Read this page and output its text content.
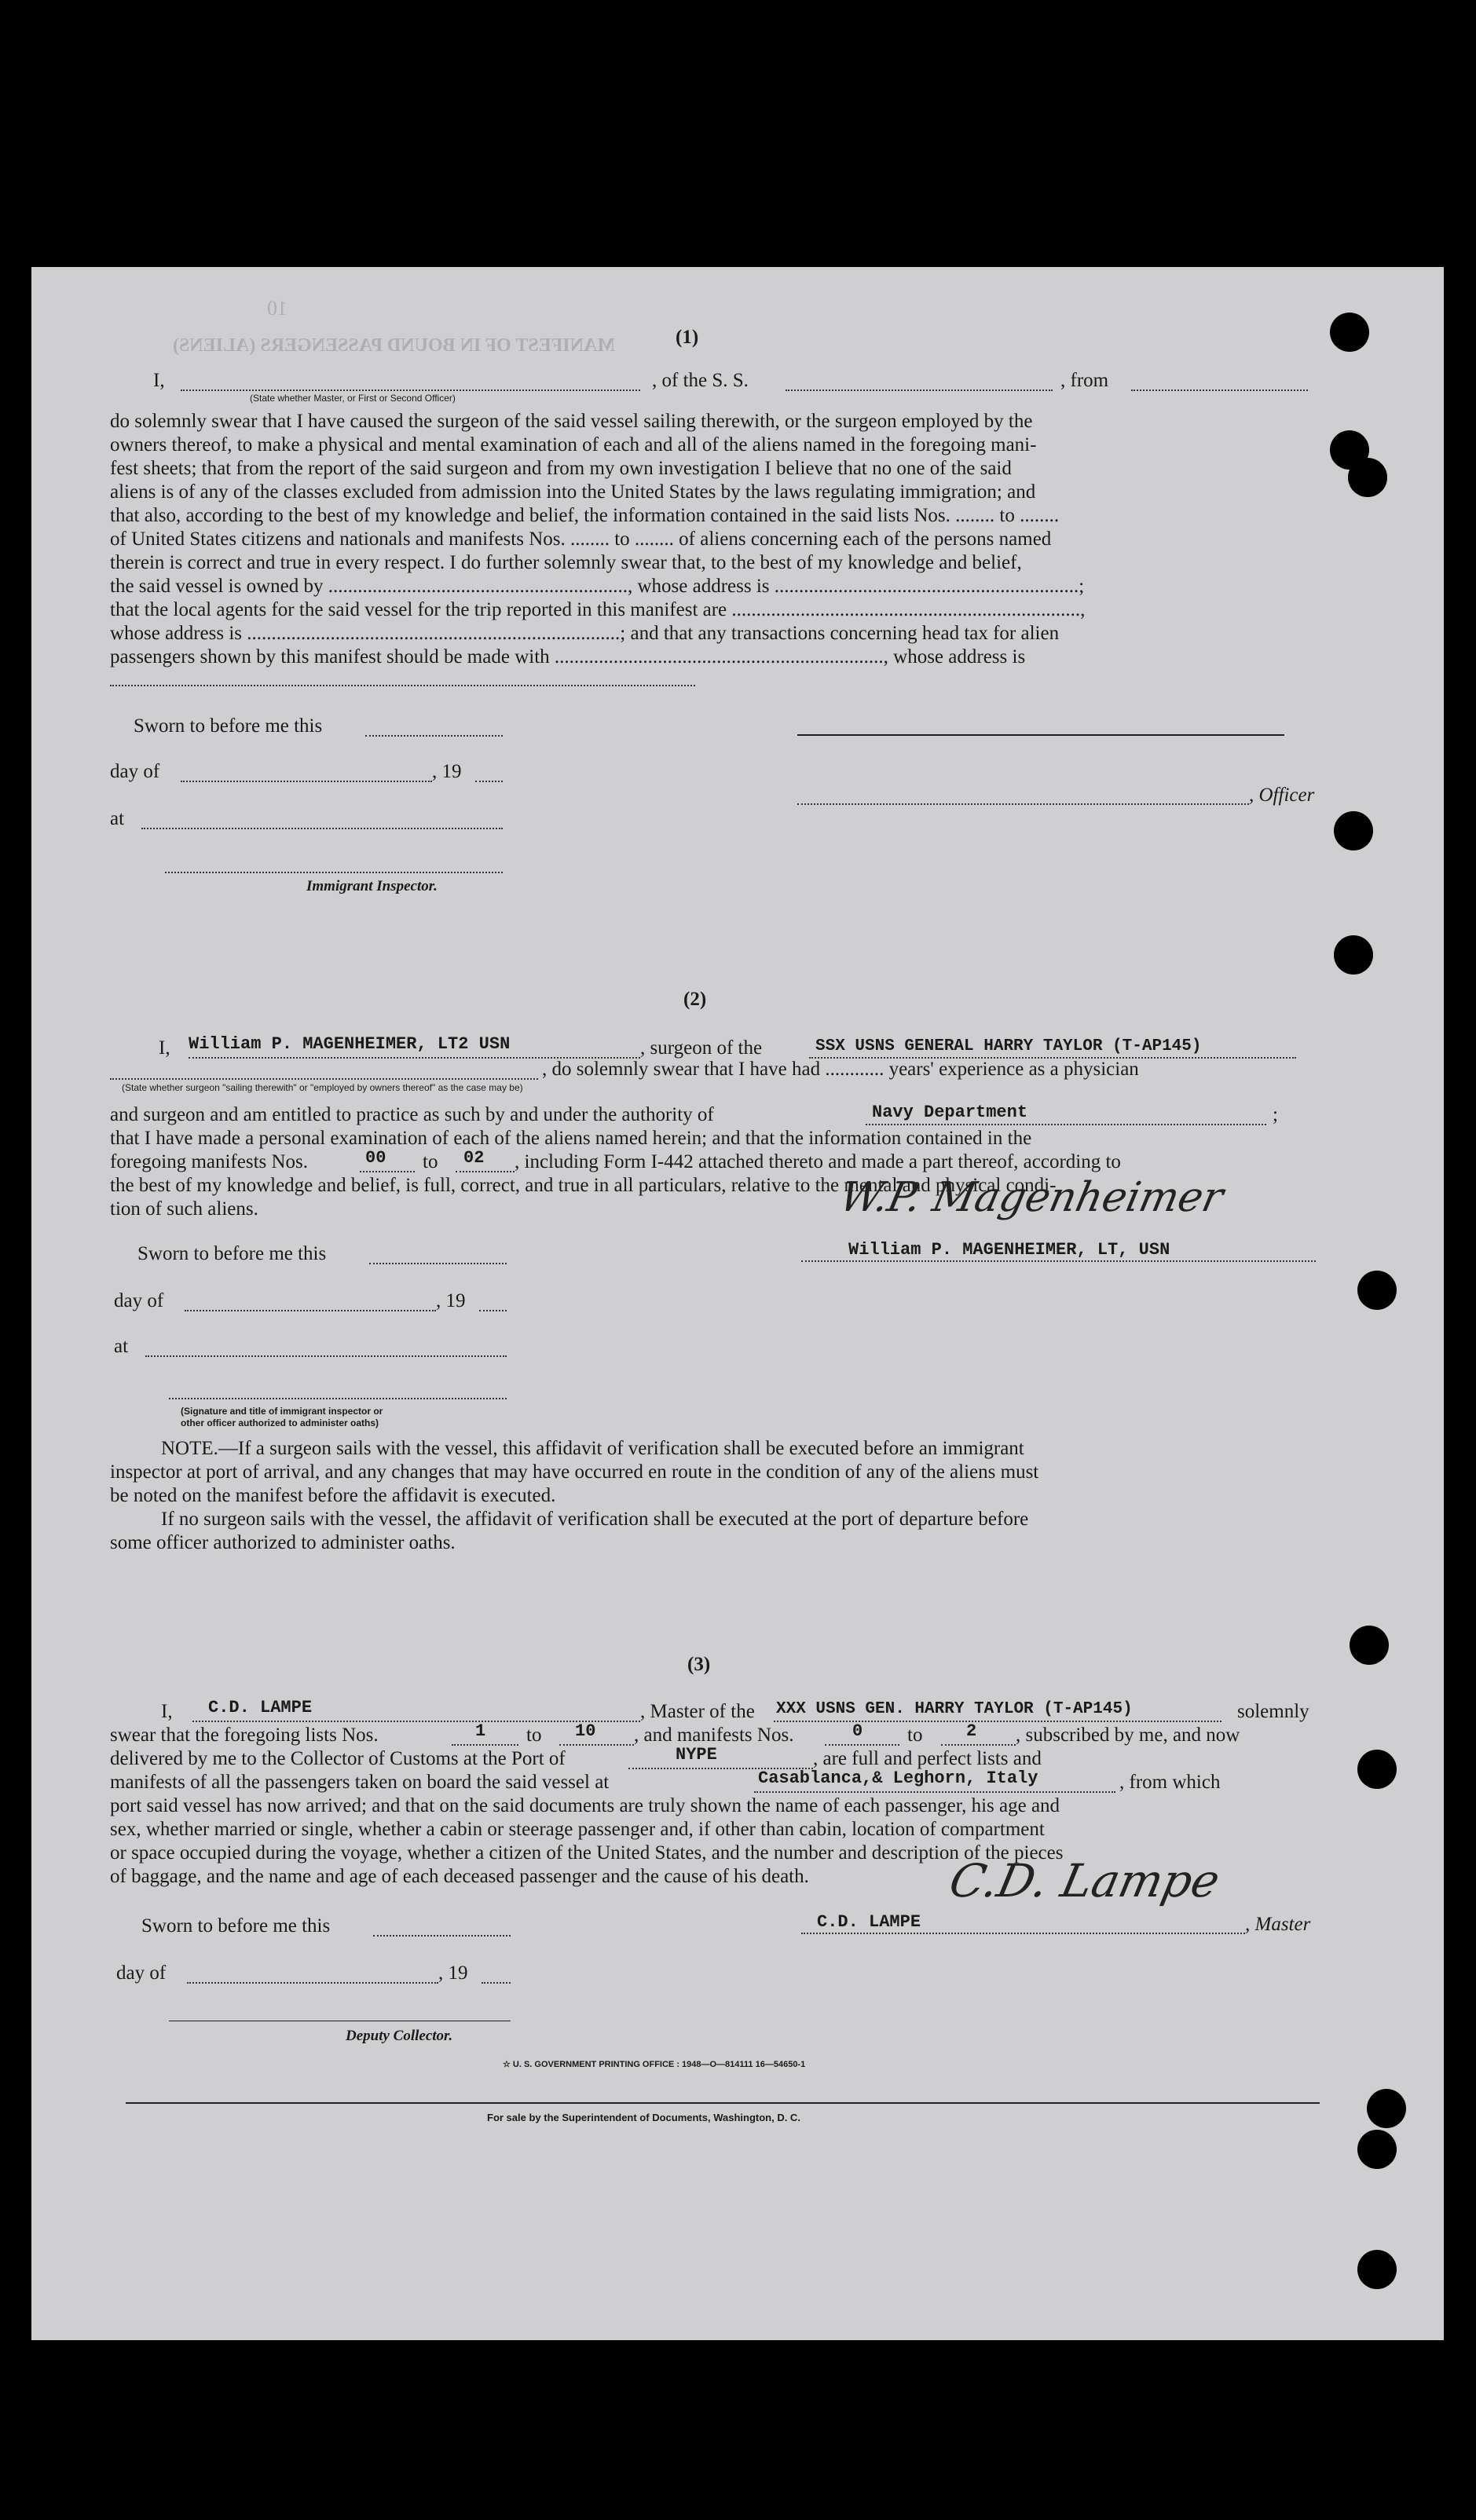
10
MANIFEST OF IN BOUND PASSENGERS (ALIENS)	(1)
I,	, of the S. S.	, from
(State whether Master, or First or Second Officer)
do solemnly swear that I have caused the surgeon of the said vessel sailing therewith, or the surgeon employed by the
owners thereof, to make a physical and mental examination of each and all of the aliens named in the foregoing mani-
fest sheets; that from the report of the said surgeon and from my own investigation I believe that no one of the said
aliens is of any of the classes excluded from admission into the United States by the laws regulating immigration; and
that also, according to the best of my knowledge and belief, the information contained in the said lists Nos. ........ to ........
of United States citizens and nationals and manifests Nos. ........ to ........ of aliens concerning each of the persons named
therein is correct and true in every respect. I do further solemnly swear that, to the best of my knowledge and belief,
the said vessel is owned by ............................................................., whose address is ..............................................................;
that the local agents for the said vessel for the trip reported in this manifest are .......................................................................,
whose address is ............................................................................; and that any transactions concerning head tax for alien
passengers shown by this manifest should be made with ..................................................................., whose address is
Sworn to before me this
day of	, 19
, Officer
at
Immigrant Inspector.
(2)
I, William P. MAGENHEIMER, LT2 USN	, surgeon of the	SSX USNS GENERAL HARRY TAYLOR (T-AP145)
, do solemnly swear that I have had ............ years' experience as a physician
(State whether surgeon "sailing therewith" or "employed by owners thereof" as the case may be)
and surgeon and am entitled to practice as such by and under the authority of	Navy Department	;
that I have made a personal examination of each of the aliens named herein; and that the information contained in the
foregoing manifests Nos.	00 to 02 , including Form I-442 attached thereto and made a part thereof, according to
the best of my knowledge and belief, is full, correct, and true in all particulars, relative to the mental and physical condi-
tion of such aliens.	W.P. Magenheimer
William P. MAGENHEIMER, LT, USN
Sworn to before me this
day of	, 19
at
(Signature and title of immigrant inspector or
other officer authorized to administer oaths)
NOTE.—If a surgeon sails with the vessel, this affidavit of verification shall be executed before an immigrant
inspector at port of arrival, and any changes that may have occurred en route in the condition of any of the aliens must
be noted on the manifest before the affidavit is executed.
If no surgeon sails with the vessel, the affidavit of verification shall be executed at the port of departure before
some officer authorized to administer oaths.
(3)
I, C.D. LAMPE	, Master of the XXX USNS GEN. HARRY TAYLOR (T-AP145)	solemnly
swear that the foregoing lists Nos.	1 to 10 , and manifests Nos.	0 to	2 , subscribed by me, and now
delivered by me to the Collector of Customs at the Port of	NYPE	, are full and perfect lists and
manifests of all the passengers taken on board the said vessel at	Casablanca,& Leghorn, Italy	, from which
port said vessel has now arrived; and that on the said documents are truly shown the name of each passenger, his age and
sex, whether married or single, whether a cabin or steerage passenger and, if other than cabin, location of compartment
or space occupied during the voyage, whether a citizen of the United States, and the number and description of the pieces
of baggage, and the name and age of each deceased passenger and the cause of his death.	C.D. Lampe
C.D. LAMPE	, Master
Sworn to before me this
day of	, 19
Deputy Collector.
☆ U. S. GOVERNMENT PRINTING OFFICE : 1948—O—814111 16—54650-1
For sale by the Superintendent of Documents, Washington, D. C.
